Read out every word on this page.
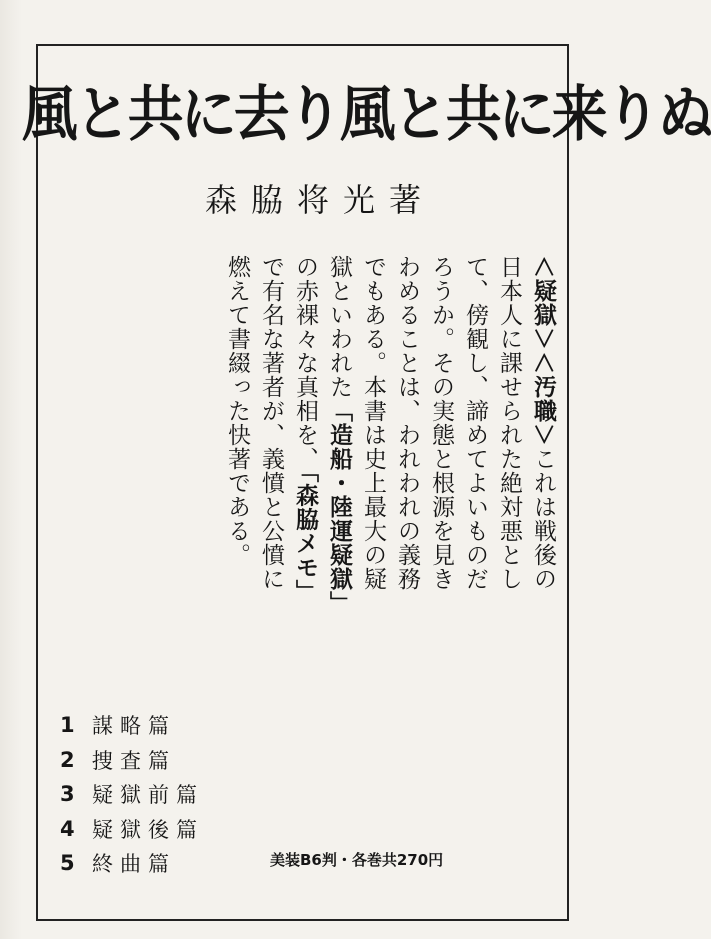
風と共に去り風と共に来りぬ
森脇将光著
＜疑獄＞＜汚職＞これは戦後の
日本人に課せられた絶対悪とし
て、傍観し、諦めてよいものだ
ろうか。その実態と根源を見き
わめることは、われわれの義務
でもある。本書は史上最大の疑
獄といわれた「造船・陸運疑獄」
の赤裸々な真相を、「森脇メモ」
で有名な著者が、義憤と公憤に
燃えて書綴った快著である。
1 謀略篇
2 捜査篇
3 疑獄前篇
4 疑獄後篇
5 終曲篇	美装B6判・各巻共270円
